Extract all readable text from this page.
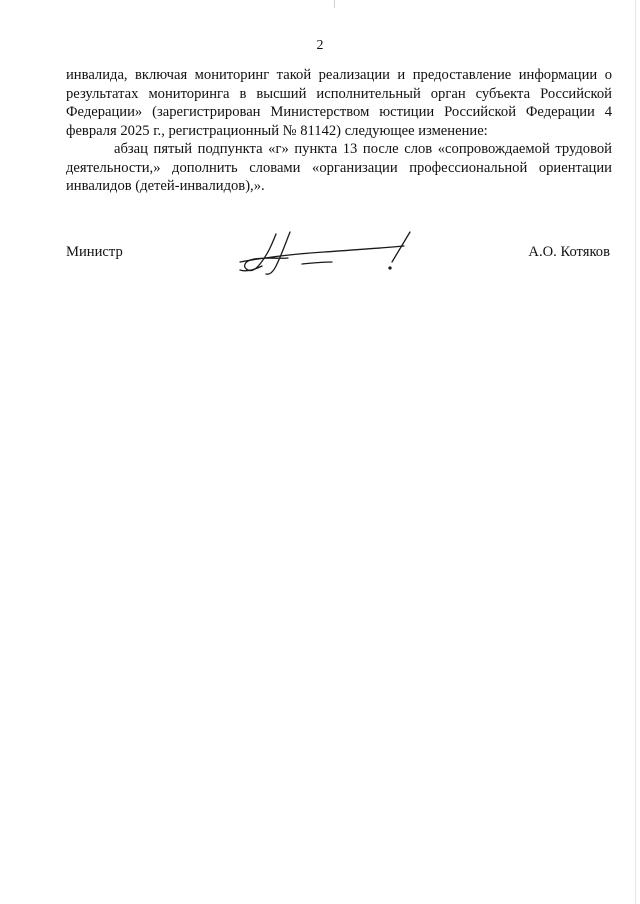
2

инвалида, включая мониторинг такой реализации и предоставление информации о результатах мониторинга в высший исполнительный орган субъекта Российской Федерации» (зарегистрирован Министерством юстиции Российской Федерации 4 февраля 2025 г., регистрационный № 81142) следующее изменение:

абзац пятый подпункта «г» пункта 13 после слов «сопровождаемой трудовой деятельности,» дополнить словами «организации профессиональной ориентации инвалидов (детей-инвалидов),».

Министр	А.О. Котяков
